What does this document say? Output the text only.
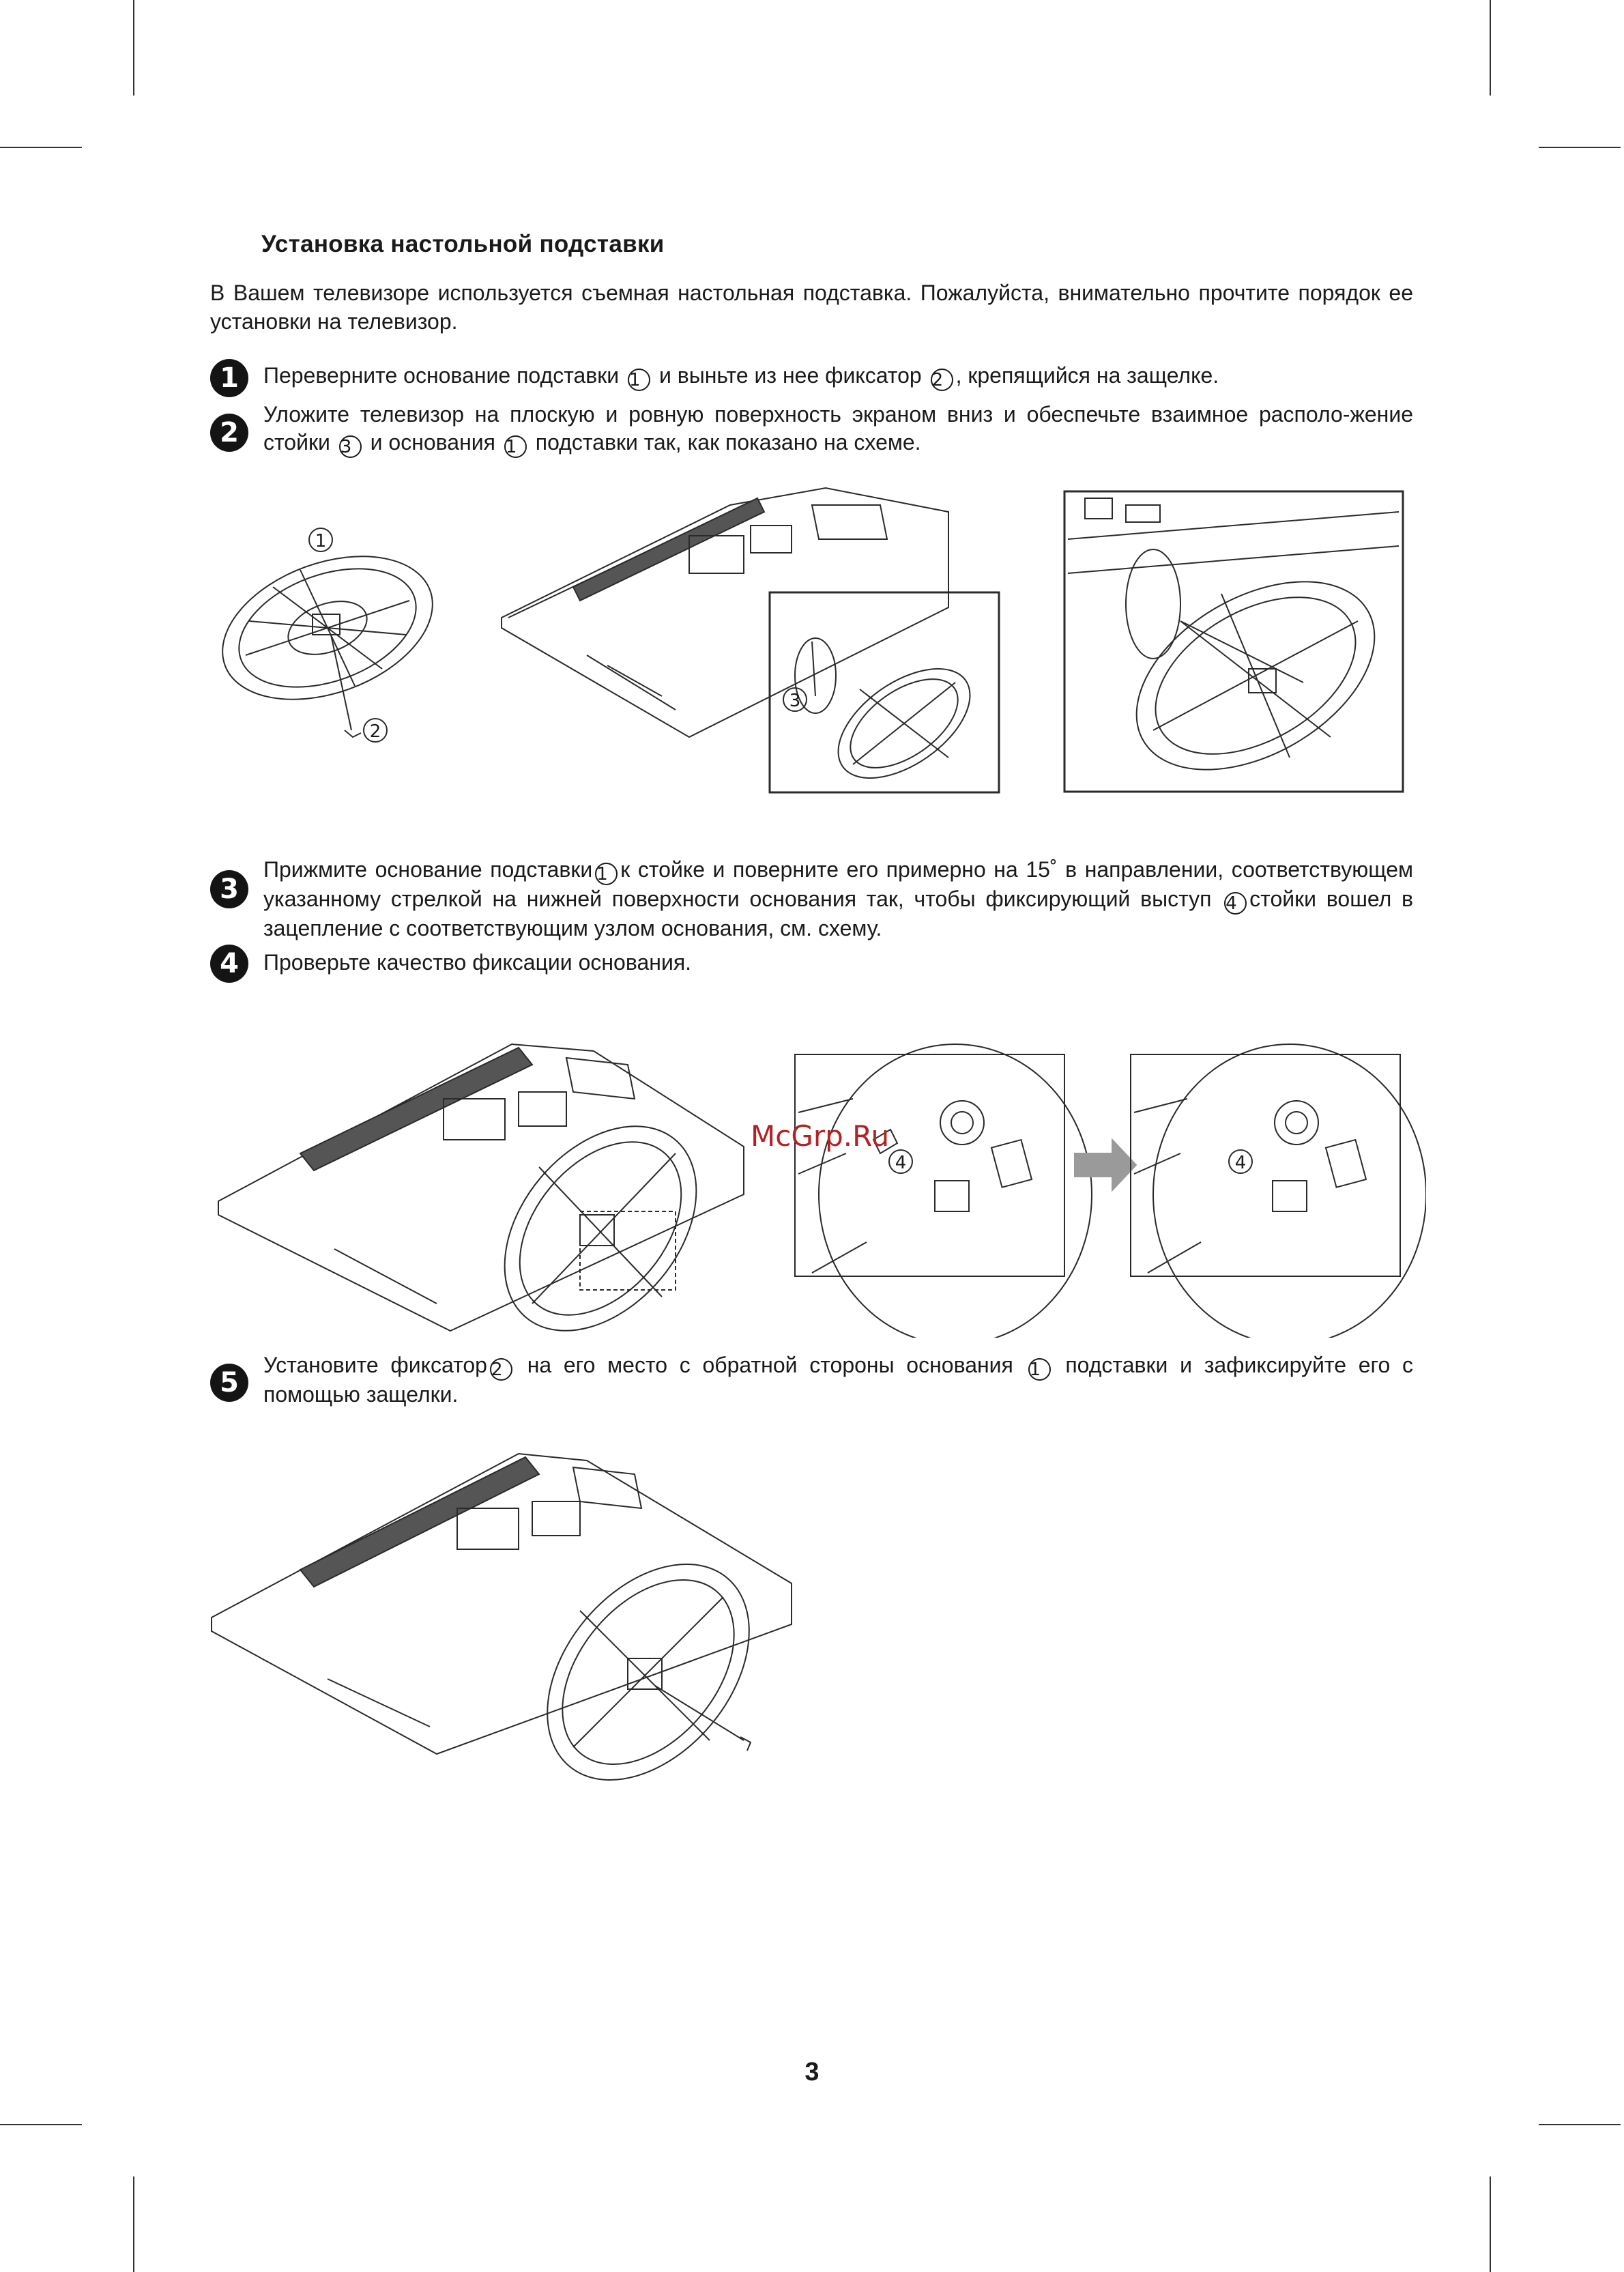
Установка настольной подставки

В Вашем телевизоре используется съемная настольная подставка. Пожалуйста, внимательно прочтите порядок ее установки на телевизор.

1	Переверните основание подставки 1 и выньте из нее фиксатор 2 , крепящийся на защелке.

2

Уложите телевизор на плоскую и ровную поверхность экраном вниз и обеспечьте взаимное располо-жение стойки 3 и основания 1 подставки так, как показано на схеме.

1
2
3
3

Прижмите основание подставки 1 к стойке и поверните его примерно на 15˚ в направлении, соответствующем указанному стрелкой на нижней поверхности основания так, чтобы фиксирующий выступ 4 стойки вошел в зацепление с соответствующим узлом основания, см. схему.

4	Проверьте качество фиксации основания.

4	4
McGrp.Ru
5

Установите фиксатор 2 на его место с обратной стороны основания 1 подставки и зафиксируйте его с помощью защелки.

3
